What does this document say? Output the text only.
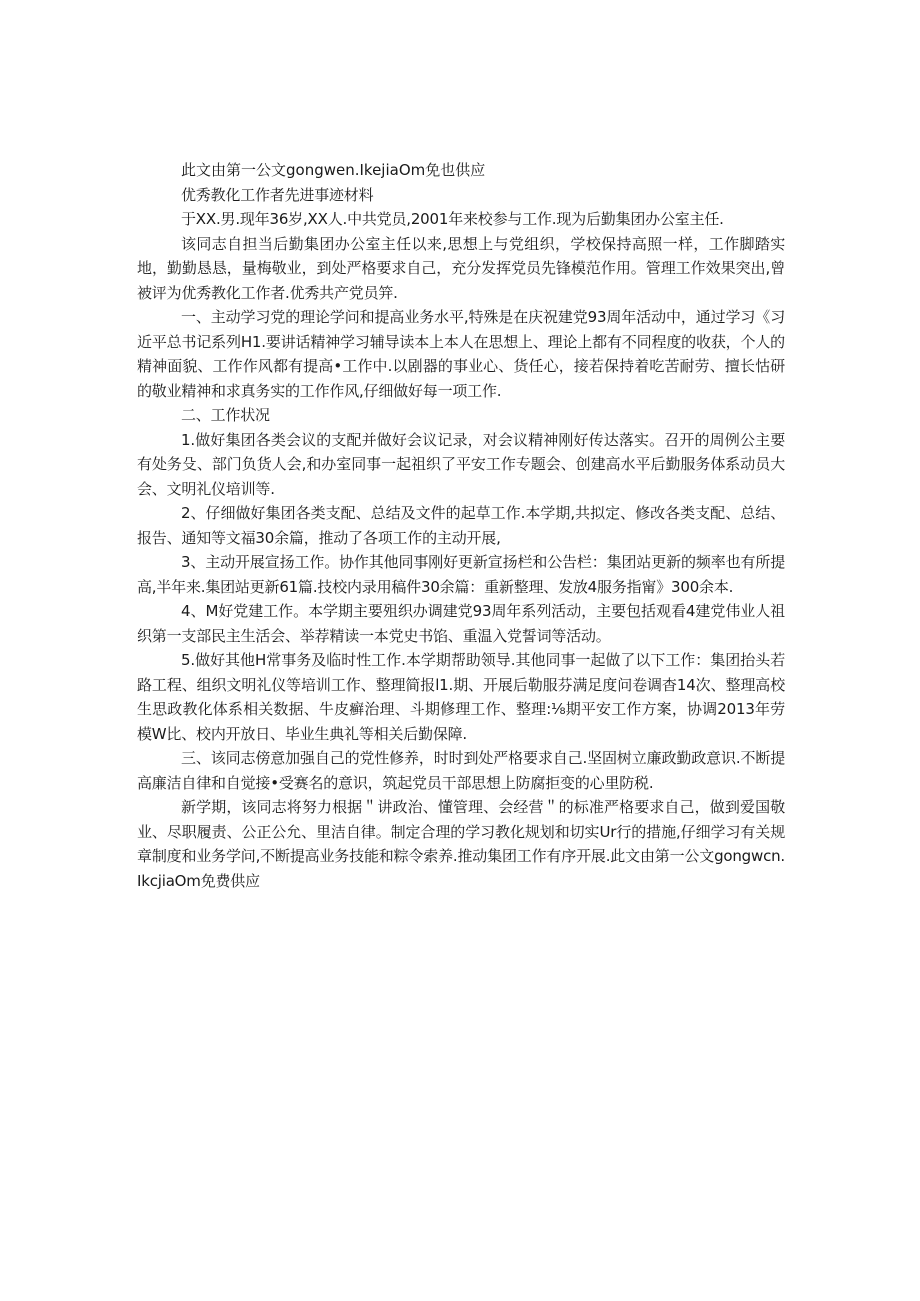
此文由第一公文gongwen.IkejiaOm免也供应

优秀教化工作者先进事迹材料

于XX.男.现年36岁,XX人.中共党员,2001年来校参与工作.现为后勤集团办公室主任.

该同志自担当后勤集团办公室主任以来,思想上与党组织，学校保持高照一样，工作脚踏实地，勤勤恳恳，量梅敬业，到处严格要求自己，充分发挥党员先锋模范作用。管理工作效果突出,曾被评为优秀教化工作者.优秀共产党员笄.

一、主动学习党的理论学问和提高业务水平,特殊是在庆祝建党93周年活动中，通过学习《习近平总书记系列H1.要讲话精神学习辅导读本上本人在思想上、理论上都有不同程度的收获，个人的精神面貌、工作作风都有提高•工作中.以剧器的事业心、货任心，接若保持着吃苦耐劳、擅长怙研的敬业精神和求真务实的工作作风,仔细做好每一项工作.

二、工作状况

1.做好集团各类会议的支配并做好会议记录，对会议精神刚好传达落实。召开的周例公主要有处务殳、部门负货人会,和办室同事一起祖织了平安工作专题会、创建高水平后勤服务体系动员大会、文明礼仪培训等.

2、仔细做好集团各类支配、总结及文件的起草工作.本学期,共拟定、修改各类支配、总结、报告、通知等文福30余篇，推动了各项工作的主动开展,

3、主动开展宣扬工作。协作其他同事刚好更新宣扬栏和公告栏：集团站更新的频率也有所提高,半年来.集团站更新61篇.技校内录用稿件30余篇：重新整理、发放4服务指甯》300余本.

4、M好党建工作。本学期主要殂织办调建党93周年系列活动，主要包括观看4建党伟业人祖织第一支部民主生活会、举荐精读一本党史书馅、重温入党誓词等活动。

5.做好其他H常事务及临时性工作.本学期帮助领导.其他同事一起做了以下工作：集团抬头若路工程、组织文明礼仪等培训工作、整理简报l1.期、开展后勒服芬满足度问卷调杳14次、整理高校生思政教化体系相关数据、牛皮癣治理、斗期修理工作、整理:⅛期平安工作方案，协调2013年劳模W比、校内开放日、毕业生典礼等相关后勤保障.

三、该同志傍意加强自己的党性修养，时时到处严格要求自己.坚固树立廉政勤政意识.不断提高廉洁自律和自觉接•受赛名的意识，筑起党员干部思想上防腐拒变的心里防税.

新学期，该同志将努力根据＂讲政治、懂管理、会经营＂的标准严格要求自己，做到爱国敬业、尽职履责、公正公允、里洁自律。制定合理的学习教化规划和切实Ur行的措施,仔细学习有关规章制度和业务学问,不断提高业务技能和粽令索养.推动集团工作有序开展.此文由第一公文gongwcn.IkcjiaOm免费供应
